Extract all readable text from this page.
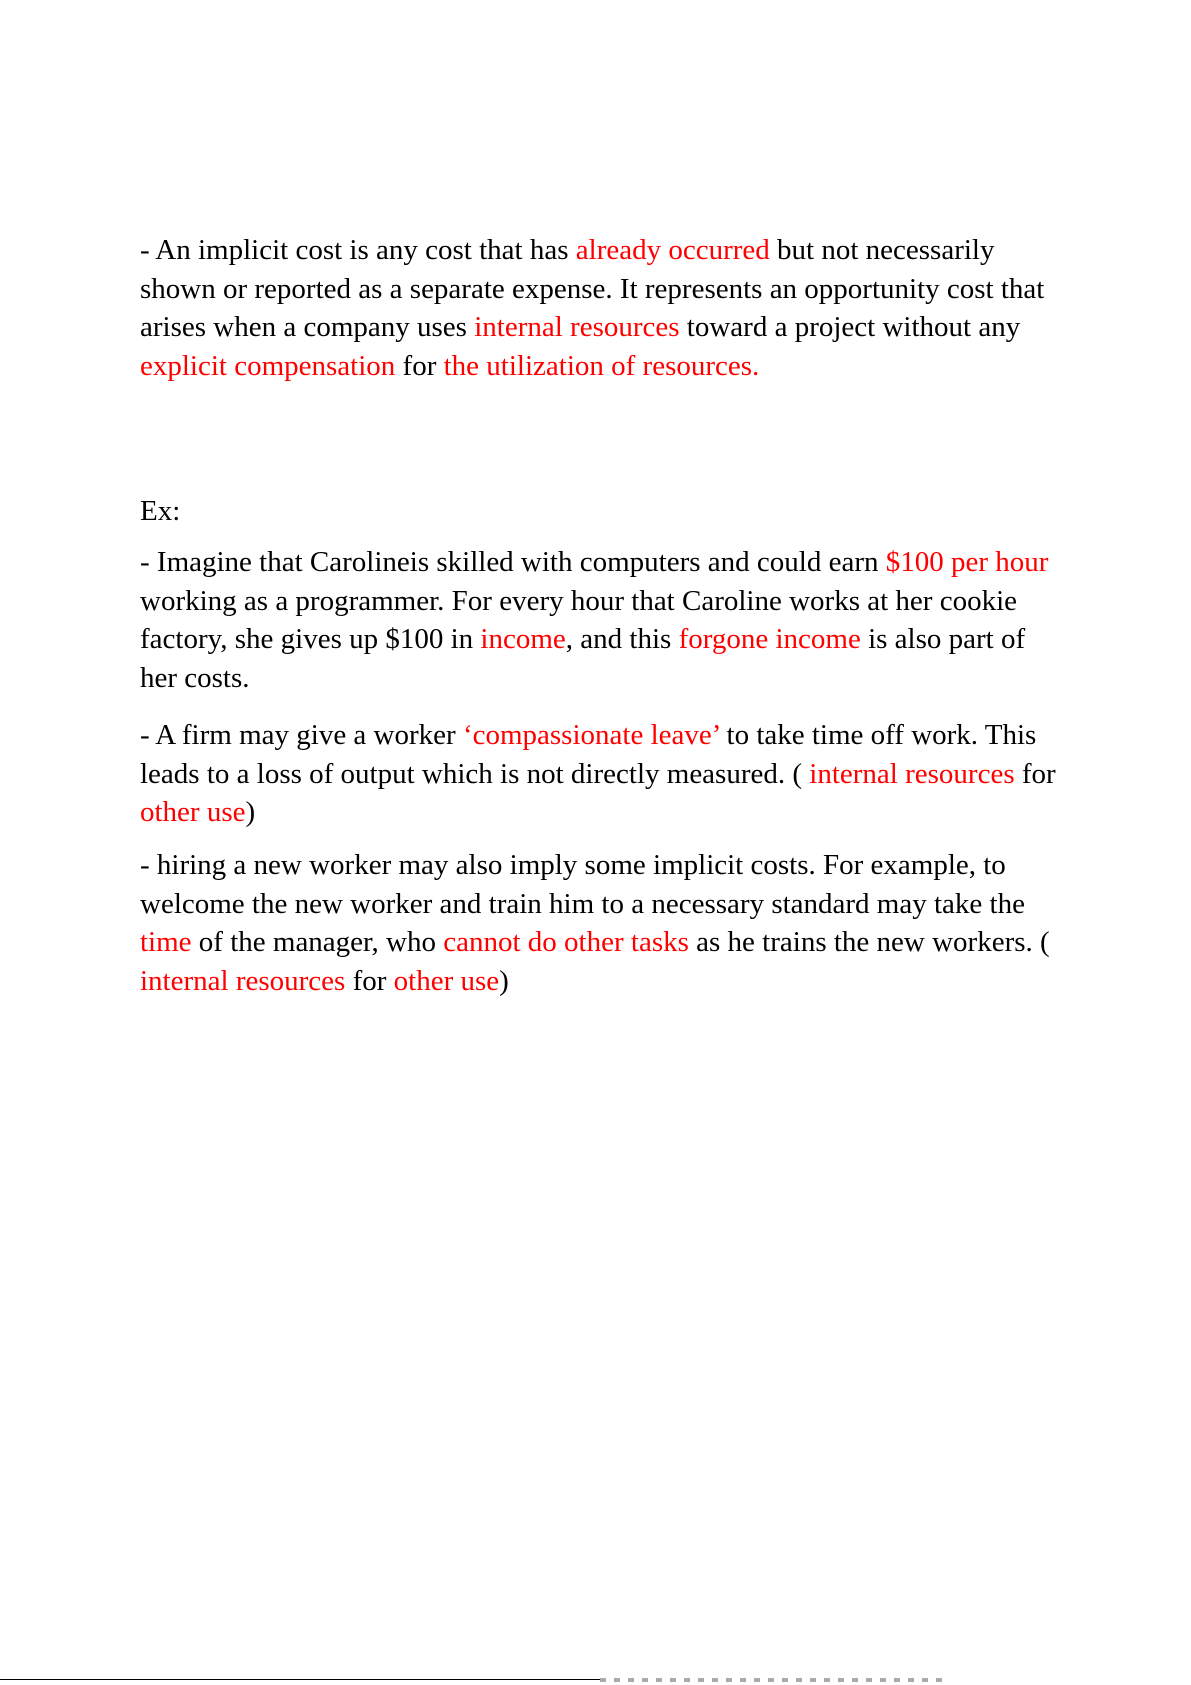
- An implicit cost is any cost that has already occurred but not necessarily shown or reported as a separate expense. It represents an opportunity cost that arises when a company uses internal resources toward a project without any explicit compensation for the utilization of resources.

Ex:

- Imagine that Carolineis skilled with computers and could earn $100 per hour working as a programmer. For every hour that Caroline works at her cookie factory, she gives up $100 in income, and this forgone income is also part of her costs.

- A firm may give a worker ‘compassionate leave’ to take time off work. This leads to a loss of output which is not directly measured. ( internal resources for other use)

- hiring a new worker may also imply some implicit costs. For example, to welcome the new worker and train him to a necessary standard may take the time of the manager, who cannot do other tasks as he trains the new workers. ( internal resources for other use)
